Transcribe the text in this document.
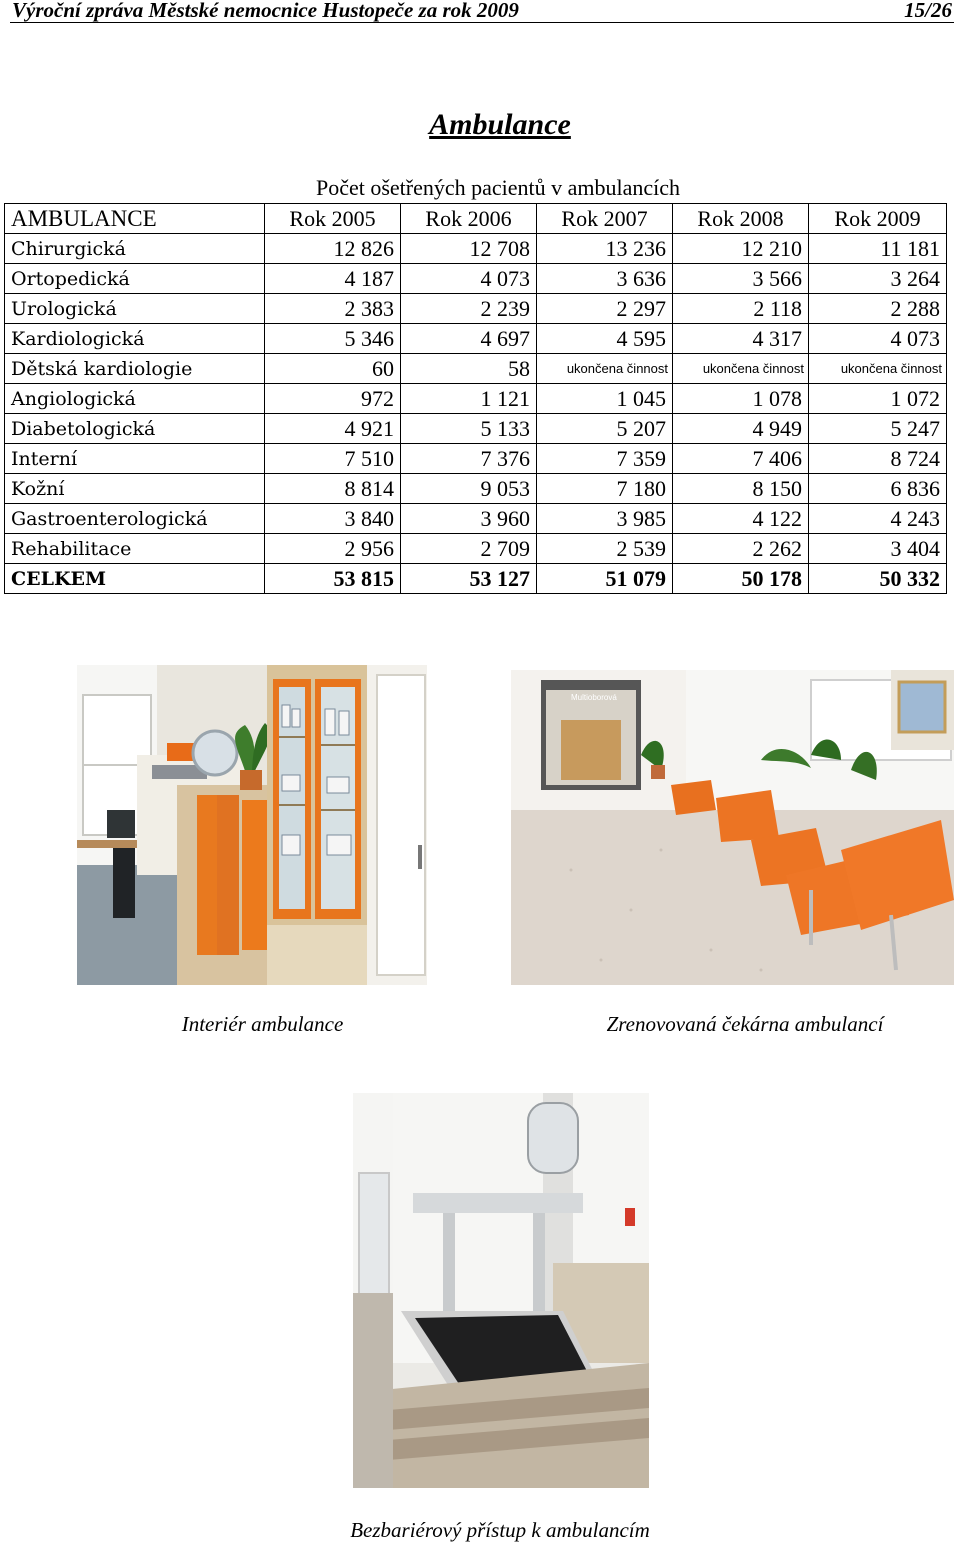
Výroční zpráva Městské nemocnice Hustopeče za rok 2009	15/26
Ambulance
Počet ošetřených pacientů v ambulancích
AMBULANCE	Rok 2005	Rok 2006	Rok 2007	Rok 2008	Rok 2009
Chirurgická	12 826	12 708	13 236	12 210	11 181
Ortopedická	4 187	4 073	3 636	3 566	3 264
Urologická	2 383	2 239	2 297	2 118	2 288
Kardiologická	5 346	4 697	4 595	4 317	4 073
Dětská kardiologie	60	58	ukončena činnost	ukončena činnost	ukončena činnost
Angiologická	972	1 121	1 045	1 078	1 072
Diabetologická	4 921	5 133	5 207	4 949	5 247
Interní	7 510	7 376	7 359	7 406	8 724
Kožní	8 814	9 053	7 180	8 150	6 836
Gastroenterologická	3 840	3 960	3 985	4 122	4 243
Rehabilitace	2 956	2 709	2 539	2 262	3 404
CELKEM	53 815	53 127	51 079	50 178	50 332
Multioborová
Interiér ambulance	Zrenovovaná čekárna ambulancí
Bezbariérový přístup k ambulancím
